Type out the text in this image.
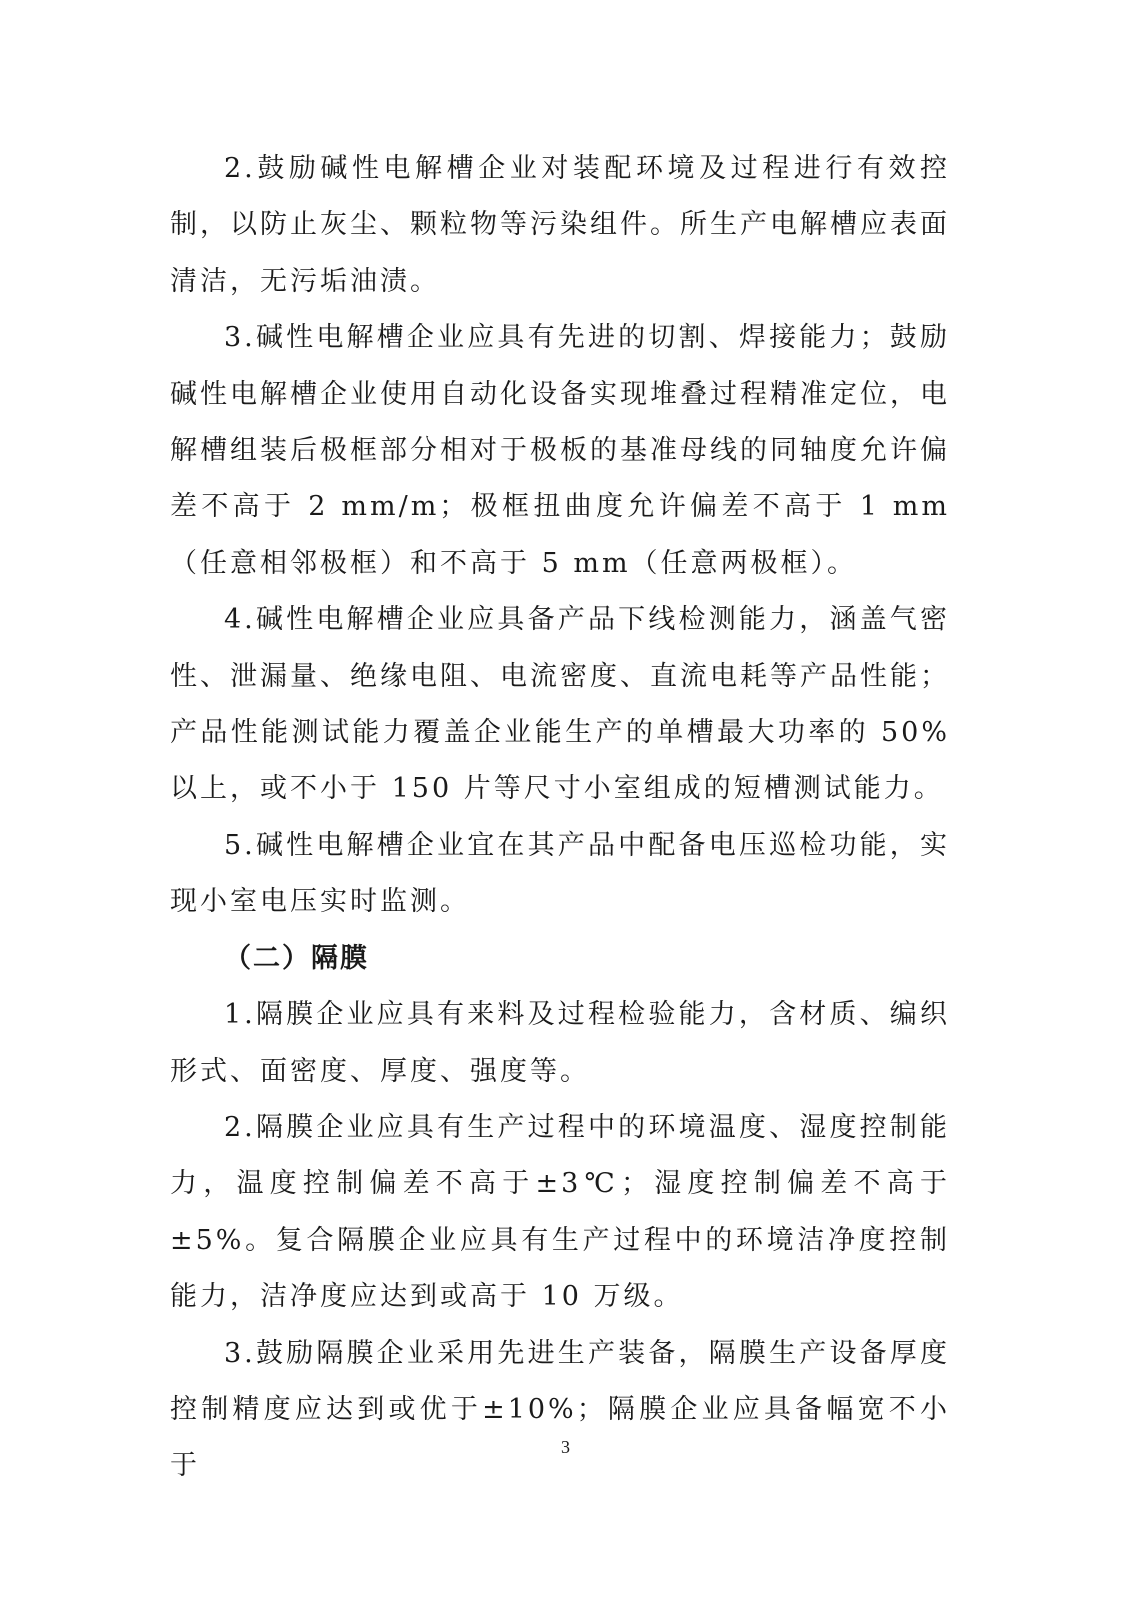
2.鼓励碱性电解槽企业对装配环境及过程进行有效控制，以防止灰尘、颗粒物等污染组件。所生产电解槽应表面清洁，无污垢油渍。

3.碱性电解槽企业应具有先进的切割、焊接能力；鼓励碱性电解槽企业使用自动化设备实现堆叠过程精准定位，电解槽组装后极框部分相对于极板的基准母线的同轴度允许偏差不高于 2 mm/m；极框扭曲度允许偏差不高于 1 mm（任意相邻极框）和不高于 5 mm（任意两极框）。

4.碱性电解槽企业应具备产品下线检测能力，涵盖气密性、泄漏量、绝缘电阻、电流密度、直流电耗等产品性能；产品性能测试能力覆盖企业能生产的单槽最大功率的 50%以上，或不小于 150 片等尺寸小室组成的短槽测试能力。

5.碱性电解槽企业宜在其产品中配备电压巡检功能，实现小室电压实时监测。

（二）隔膜

1.隔膜企业应具有来料及过程检验能力，含材质、编织形式、面密度、厚度、强度等。

2.隔膜企业应具有生产过程中的环境温度、湿度控制能力，温度控制偏差不高于±3℃；湿度控制偏差不高于±5%。复合隔膜企业应具有生产过程中的环境洁净度控制能力，洁净度应达到或高于 10 万级。

3.鼓励隔膜企业采用先进生产装备，隔膜生产设备厚度控制精度应达到或优于±10%；隔膜企业应具备幅宽不小于

3
